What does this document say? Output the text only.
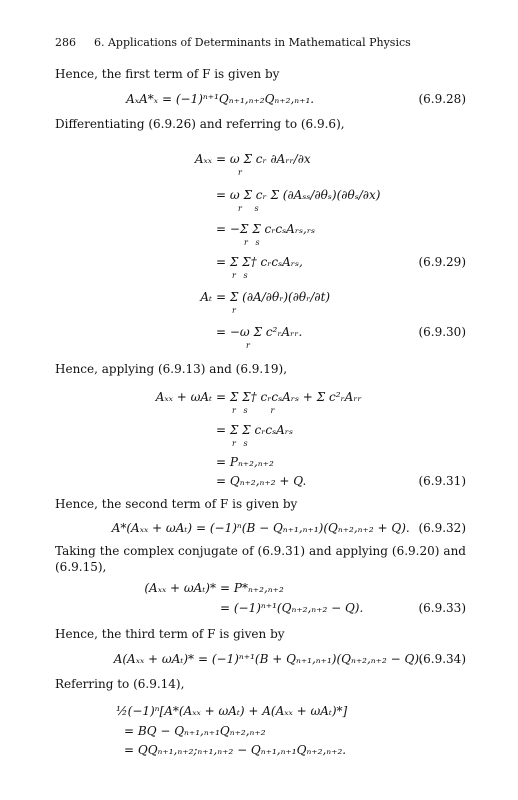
286 6. Applications of Determinants in Mathematical Physics
Hence, the first term of F is given by
AₓA*ₓ = (−1)ⁿ⁺¹Qₙ₊₁,ₙ₊₂Qₙ₊₂,ₙ₊₁.	(6.9.28)
Differentiating (6.9.26) and referring to (6.9.6),
Aₓₓ = ω Σ cᵣ ∂Aᵣᵣ/∂x
r
= ω Σ cᵣ Σ (∂Aₛₛ/∂θₛ)(∂θₛ/∂x)
r     s
= −Σ Σ cᵣcₛAᵣₛ,ᵣₛ
r   s
= Σ Σ† cᵣcₛAᵣₛ,	(6.9.29)
r   s
Aₜ = Σ (∂A/∂θᵣ)(∂θᵣ/∂t)
r
= −ω Σ c²ᵣAᵣᵣ.	(6.9.30)
r
Hence, applying (6.9.13) and (6.9.19),
Aₓₓ + ωAₜ = Σ Σ† cᵣcₛAᵣₛ + Σ c²ᵣAᵣᵣ
r   s         r
= Σ Σ cᵣcₛAᵣₛ
r   s
= Pₙ₊₂,ₙ₊₂
= Qₙ₊₂,ₙ₊₂ + Q.	(6.9.31)
Hence, the second term of F is given by
A*(Aₓₓ + ωAₜ) = (−1)ⁿ(B − Qₙ₊₁,ₙ₊₁)(Qₙ₊₂,ₙ₊₂ + Q). (6.9.32)
Taking the complex conjugate of (6.9.31) and applying (6.9.20) and (6.9.15),
(Aₓₓ + ωAₜ)* = P*ₙ₊₂,ₙ₊₂
= (−1)ⁿ⁺¹(Qₙ₊₂,ₙ₊₂ − Q).	(6.9.33)
Hence, the third term of F is given by
A(Aₓₓ + ωAₜ)* = (−1)ⁿ⁺¹(B + Qₙ₊₁,ₙ₊₁)(Qₙ₊₂,ₙ₊₂ − Q).
(6.9.34)
Referring to (6.9.14),
½(−1)ⁿ[A*(Aₓₓ + ωAₜ) + A(Aₓₓ + ωAₜ)*]
= BQ − Qₙ₊₁,ₙ₊₁Qₙ₊₂,ₙ₊₂
= QQₙ₊₁,ₙ₊₂;ₙ₊₁,ₙ₊₂ − Qₙ₊₁,ₙ₊₁Qₙ₊₂,ₙ₊₂.
